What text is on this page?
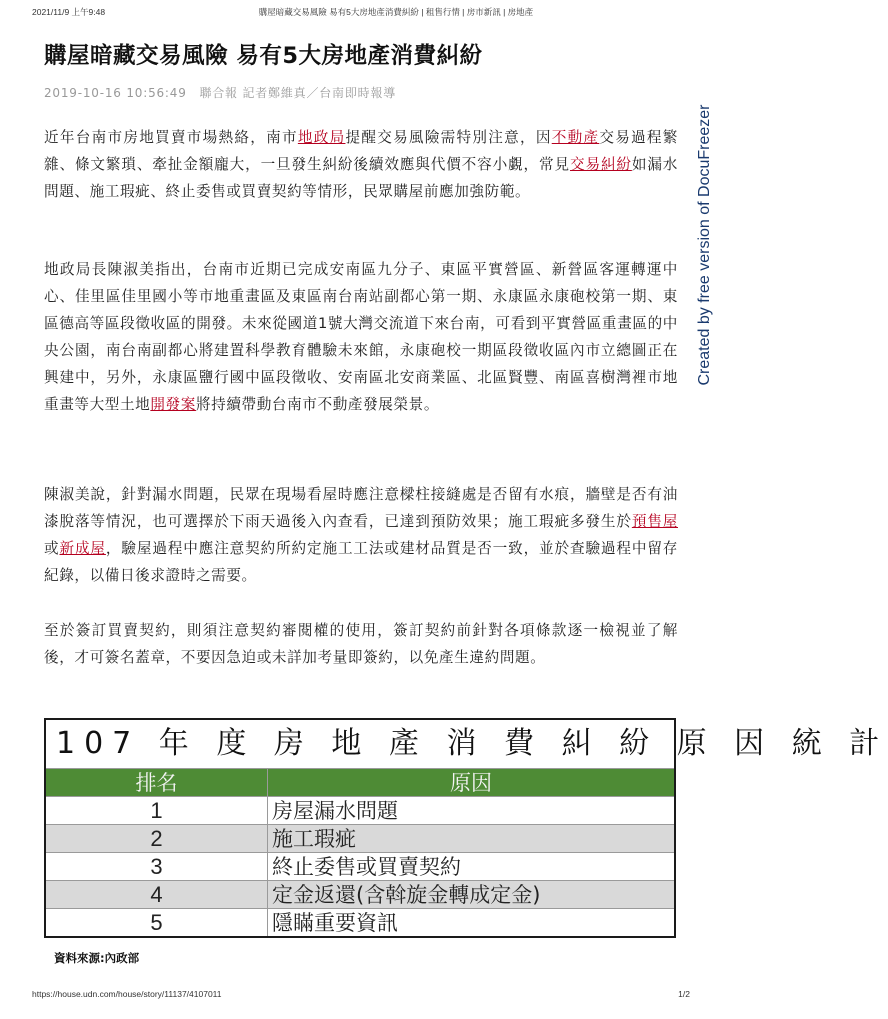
2021/11/9 上午9:48	購屋暗藏交易風險 易有5大房地產消費糾紛 | 租售行情 | 房市新訊 | 房地產
Created by free version of DocuFreezer
購屋暗藏交易風險 易有5大房地產消費糾紛
2019-10-16 10:56:49　聯合報 記者鄭維真／台南即時報導

近年台南市房地買賣市場熱絡，南市地政局提醒交易風險需特別注意，因不動產交易過程繁雜、條文繁瑣、牽扯金額龐大，一旦發生糾紛後續效應與代價不容小覷，常見交易糾紛如漏水問題、施工瑕疵、終止委售或買賣契約等情形，民眾購屋前應加強防範。

地政局長陳淑美指出，台南市近期已完成安南區九分子、東區平實營區、新營區客運轉運中心、佳里區佳里國小等市地重畫區及東區南台南站副都心第一期、永康區永康砲校第一期、東區德高等區段徵收區的開發。未來從國道1號大灣交流道下來台南，可看到平實營區重畫區的中央公園，南台南副都心將建置科學教育體驗未來館，永康砲校一期區段徵收區內市立總圖正在興建中，另外，永康區鹽行國中區段徵收、安南區北安商業區、北區賢豐、南區喜樹灣裡市地重畫等大型土地開發案將持續帶動台南市不動產發展榮景。

陳淑美說，針對漏水問題，民眾在現場看屋時應注意樑柱接縫處是否留有水痕，牆壁是否有油漆脫落等情況，也可選擇於下雨天過後入內查看，已達到預防效果；施工瑕疵多發生於預售屋或新成屋，驗屋過程中應注意契約所約定施工工法或建材品質是否一致，並於查驗過程中留存紀錄，以備日後求證時之需要。

至於簽訂買賣契約，則須注意契約審閱權的使用，簽訂契約前針對各項條款逐一檢視並了解後，才可簽名蓋章，不要因急迫或未詳加考量即簽約，以免產生違約問題。

107 年 度 房 地 產 消 費 糾 紛 原 因 統 計
排名	原因
1	房屋漏水問題
2	施工瑕疵
3	終止委售或買賣契約
4	定金返還(含斡旋金轉成定金)
5	隱瞞重要資訊
資料來源:內政部
https://house.udn.com/house/story/11137/4107011	1/2
